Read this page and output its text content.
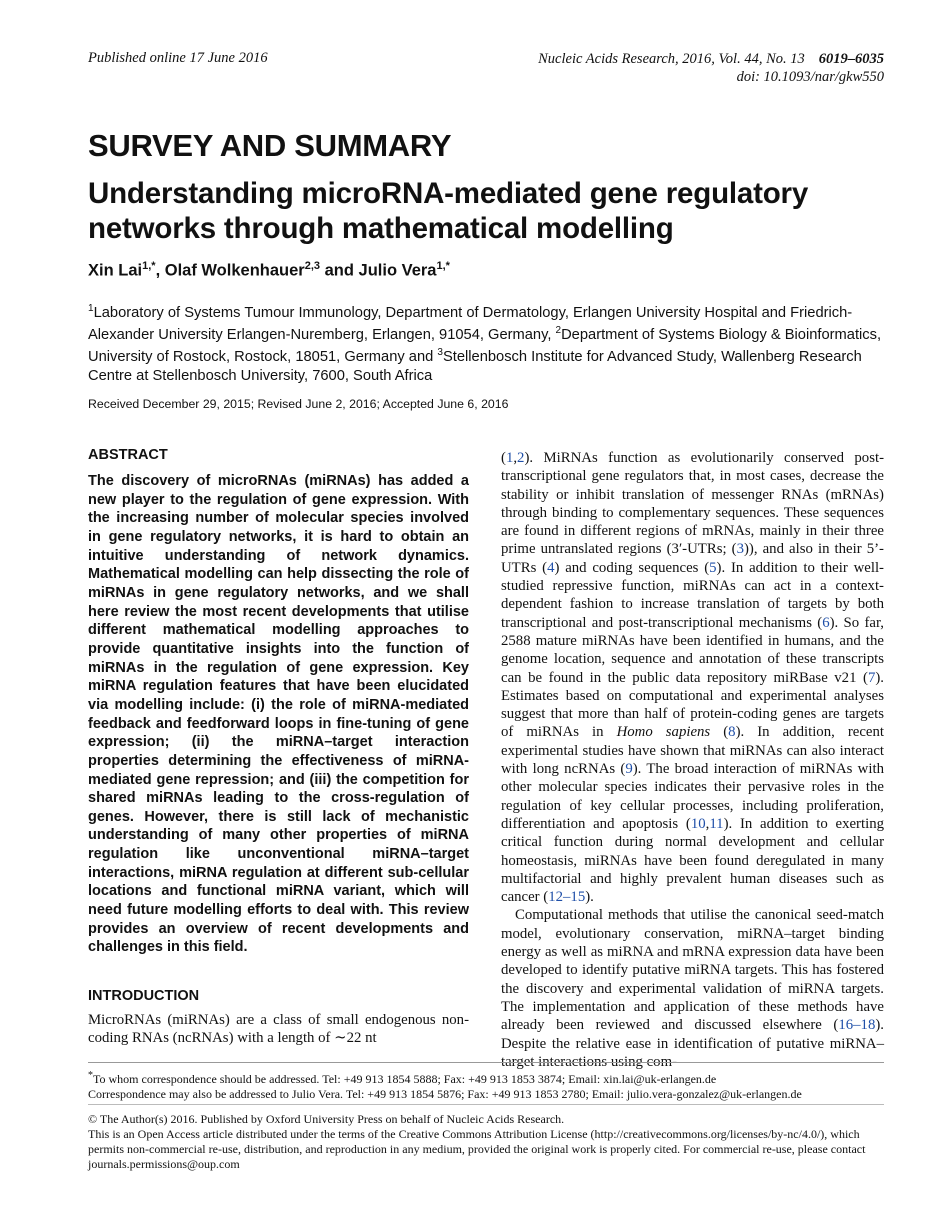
Published online 17 June 2016	Nucleic Acids Research, 2016, Vol. 44, No. 13 6019–6035
doi: 10.1093/nar/gkw550
SURVEY AND SUMMARY
Understanding microRNA-mediated gene regulatory networks through mathematical modelling
Xin Lai$^{1,*}$, Olaf Wolkenhauer$^{2,3}$ and Julio Vera$^{1,*}$
$^1$Laboratory of Systems Tumour Immunology, Department of Dermatology, Erlangen University Hospital and Friedrich-Alexander University Erlangen-Nuremberg, Erlangen, 91054, Germany, $^2$Department of Systems Biology & Bioinformatics, University of Rostock, Rostock, 18051, Germany and $^3$Stellenbosch Institute for Advanced Study, Wallenberg Research Centre at Stellenbosch University, 7600, South Africa
Received December 29, 2015; Revised June 2, 2016; Accepted June 6, 2016
ABSTRACT

The discovery of microRNAs (miRNAs) has added a new player to the regulation of gene expression. With the increasing number of molecular species involved in gene regulatory networks, it is hard to obtain an intuitive understanding of network dynamics. Mathematical modelling can help dissecting the role of miRNAs in gene regulatory networks, and we shall here review the most recent developments that utilise different mathematical modelling approaches to provide quantitative insights into the function of miRNAs in the regulation of gene expression. Key miRNA regulation features that have been elucidated via modelling include: (i) the role of miRNA-mediated feedback and feedforward loops in fine-tuning of gene expression; (ii) the miRNA–target interaction properties determining the effectiveness of miRNA-mediated gene repression; and (iii) the competition for shared miRNAs leading to the cross-regulation of genes. However, there is still lack of mechanistic understanding of many other properties of miRNA regulation like unconventional miRNA–target interactions, miRNA regulation at different sub-cellular locations and functional miRNA variant, which will need future modelling efforts to deal with. This review provides an overview of recent developments and challenges in this field.

INTRODUCTION

MicroRNAs (miRNAs) are a class of small endogenous non-coding RNAs (ncRNAs) with a length of ∼22 nt

(1,2). MiRNAs function as evolutionarily conserved post-transcriptional gene regulators that, in most cases, decrease the stability or inhibit translation of messenger RNAs (mRNAs) through binding to complementary sequences. These sequences are found in different regions of mRNAs, mainly in their three prime untranslated regions (3′-UTRs; (3)), and also in their 5’-UTRs (4) and coding sequences (5). In addition to their well-studied repressive function, miRNAs can act in a context-dependent fashion to increase translation of targets by both transcriptional and post-transcriptional mechanisms (6). So far, 2588 mature miRNAs have been identified in humans, and the genome location, sequence and annotation of these transcripts can be found in the public data repository miRBase v21 (7). Estimates based on computational and experimental analyses suggest that more than half of protein-coding genes are targets of miRNAs in Homo sapiens (8). In addition, recent experimental studies have shown that miRNAs can also interact with long ncRNAs (9). The broad interaction of miRNAs with other molecular species indicates their pervasive roles in the regulation of key cellular processes, including proliferation, differentiation and apoptosis (10,11). In addition to exerting critical function during normal development and cellular homeostasis, miRNAs have been found deregulated in many multifactorial and highly prevalent human diseases such as cancer (12–15).

Computational methods that utilise the canonical seed-match model, evolutionary conservation, miRNA–target binding energy as well as miRNA and mRNA expression data have been developed to identify putative miRNA targets. This has fostered the discovery and experimental validation of miRNA targets. The implementation and application of these methods have already been reviewed and discussed elsewhere (16–18). Despite the relative ease in identification of putative miRNA–target interactions using com-

*To whom correspondence should be addressed. Tel: +49 913 1854 5888; Fax: +49 913 1853 3874; Email: xin.lai@uk-erlangen.de
Correspondence may also be addressed to Julio Vera. Tel: +49 913 1854 5876; Fax: +49 913 1853 2780; Email: julio.vera-gonzalez@uk-erlangen.de
© The Author(s) 2016. Published by Oxford University Press on behalf of Nucleic Acids Research.
This is an Open Access article distributed under the terms of the Creative Commons Attribution License (http://creativecommons.org/licenses/by-nc/4.0/), which permits non-commercial re-use, distribution, and reproduction in any medium, provided the original work is properly cited. For commercial re-use, please contact journals.permissions@oup.com
